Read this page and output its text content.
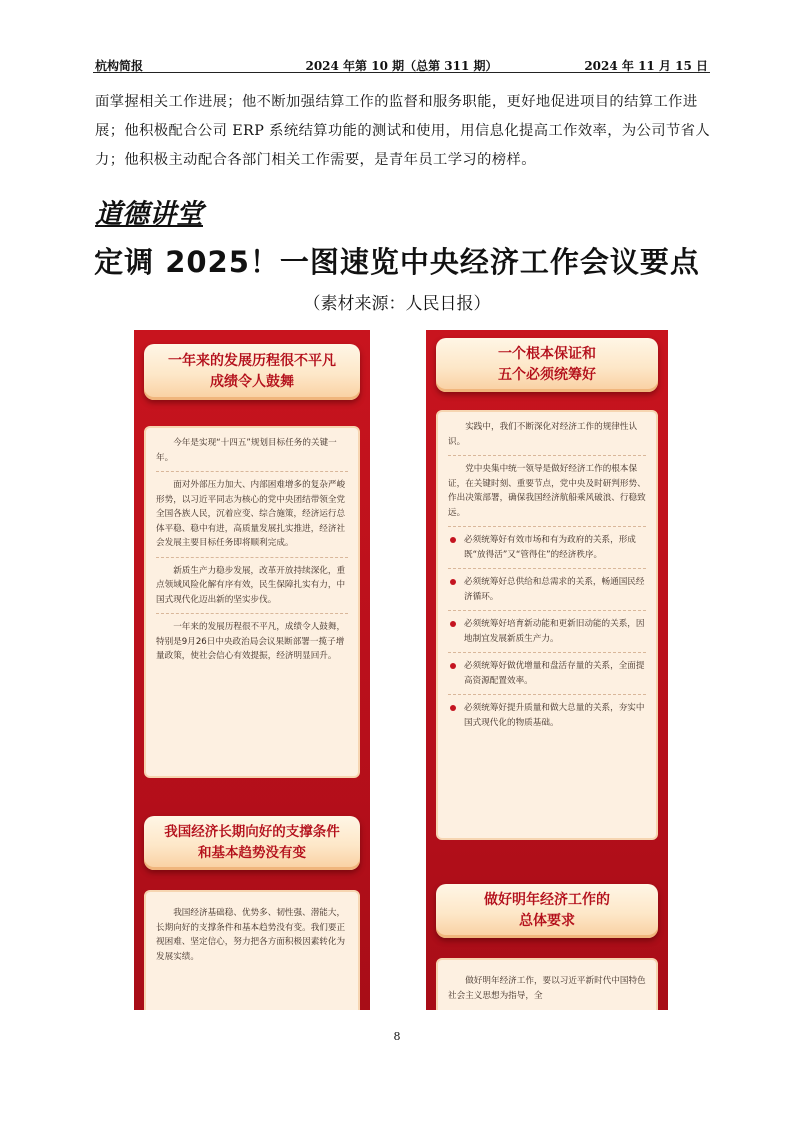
杭构简报	2024 年第 10 期（总第 311 期）	2024 年 11 月 15 日

面掌握相关工作进展；他不断加强结算工作的监督和服务职能，更好地促进项目的结算工作进

展；他积极配合公司 ERP 系统结算功能的测试和使用，用信息化提高工作效率，为公司节省人

力；他积极主动配合各部门相关工作需要，是青年员工学习的榜样。

道德讲堂
定调 2025！一图速览中央经济工作会议要点

（素材来源：人民日报）

一年来的发展历程很不平凡
成绩令人鼓舞

今年是实现“十四五”规划目标任务的关键一年。

面对外部压力加大、内部困难增多的复杂严峻形势，以习近平同志为核心的党中央团结带领全党全国各族人民，沉着应变、综合施策，经济运行总体平稳、稳中有进，高质量发展扎实推进，经济社会发展主要目标任务即将顺利完成。

新质生产力稳步发展，改革开放持续深化，重点领域风险化解有序有效，民生保障扎实有力，中国式现代化迈出新的坚实步伐。

一年来的发展历程很不平凡，成绩令人鼓舞，特别是9月26日中央政治局会议果断部署一揽子增量政策，使社会信心有效提振，经济明显回升。

我国经济长期向好的支撑条件
和基本趋势没有变

我国经济基础稳、优势多、韧性强、潜能大，长期向好的支撑条件和基本趋势没有变。我们要正视困难、坚定信心，努力把各方面积极因素转化为发展实绩。

一个根本保证和
五个必须统筹好

实践中，我们不断深化对经济工作的规律性认识。

党中央集中统一领导是做好经济工作的根本保证，在关键时刻、重要节点，党中央及时研判形势、作出决策部署，确保我国经济航船乘风破浪、行稳致远。

必须统筹好有效市场和有为政府的关系，形成既“放得活”又“管得住”的经济秩序。

必须统筹好总供给和总需求的关系，畅通国民经济循环。

必须统筹好培育新动能和更新旧动能的关系，因地制宜发展新质生产力。

必须统筹好做优增量和盘活存量的关系，全面提高资源配置效率。

必须统筹好提升质量和做大总量的关系，夯实中国式现代化的物质基础。

做好明年经济工作的
总体要求

做好明年经济工作，要以习近平新时代中国特色社会主义思想为指导，全

8
